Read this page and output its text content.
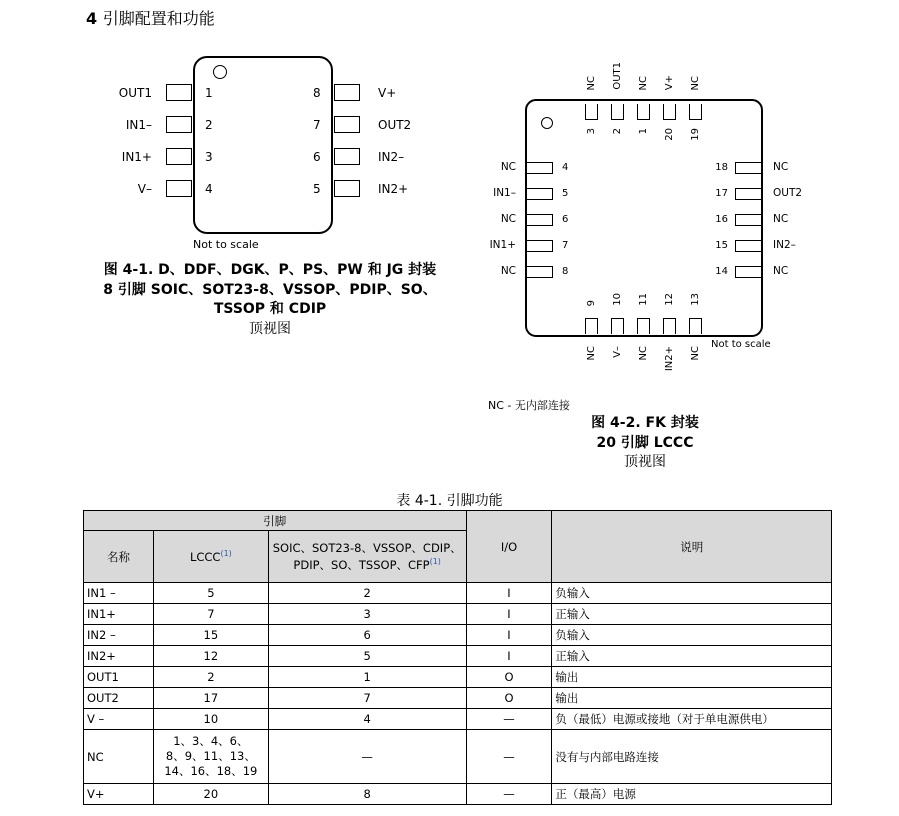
4 引脚配置和功能
OUT1
IN1–
IN1+
V–
1
2
3
4
8
7
6
5
V+
OUT2
IN2–
IN2+
Not to scale
图 4-1. D、DDF、DGK、P、PS、PW 和 JG 封装
8 引脚 SOIC、SOT23-8、VSSOP、PDIP、SO、
TSSOP 和 CDIP
顶视图
NC OUT1 NC V+ NC
3 2 1 20 19
NC
IN1–
NC
IN1+
NC
4
5
6
7
8
18
17
16
15
14
NC
OUT2
NC
IN2–
NC
9 10 11 12 13
NC V– NC IN2+ NC
Not to scale
NC - 无内部连接
图 4-2. FK 封装
20 引脚 LCCC
顶视图
表 4-1. 引脚功能
引脚			I/O	说明
名称	LCCC$^{(1)}$	SOIC、SOT23-8、VSSOP、CDIP、PDIP、SO、TSSOP、CFP$^{(1)}$
IN1 –	5	2	I	负输入
IN1+	7	3	I	正输入
IN2 –	15	6	I	负输入
IN2+	12	5	I	正输入
OUT1	2	1	O	输出
OUT2	17	7	O	输出
V –	10	4	—	负（最低）电源或接地（对于单电源供电）
NC	1、3、4、6、8、9、11、13、14、16、18、19	—	—	没有与内部电路连接
V+	20	8	—	正（最高）电源
